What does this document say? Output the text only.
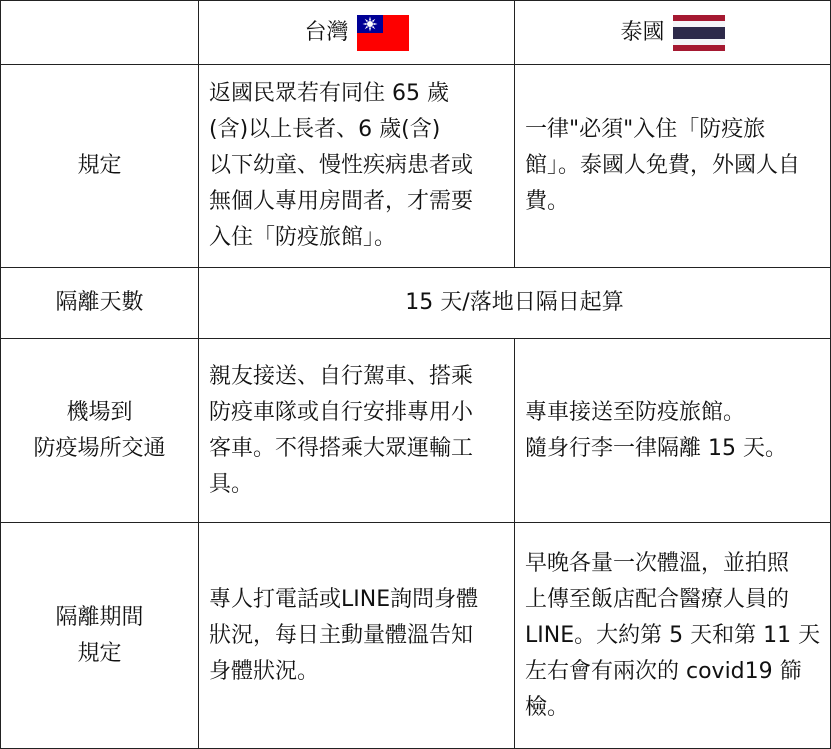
	台灣	泰國

規定	返國民眾若有同住 65 歲
(含)以上長者、6 歲(含)
以下幼童、慢性疾病患者或
無個人專用房間者，才需要
入住「防疫旅館」。	一律"必須"入住「防疫旅
館」。泰國人免費，外國人自
費。

隔離天數	15 天/落地日隔日起算	

機場到
防疫場所交通	親友接送、自行駕車、搭乘
防疫車隊或自行安排專用小
客車。不得搭乘大眾運輸工
具。	專車接送至防疫旅館。
隨身行李一律隔離 15 天。

隔離期間
規定	專人打電話或LINE詢問身體
狀況，每日主動量體溫告知
身體狀況。	早晚各量一次體溫，並拍照
上傳至飯店配合醫療人員的
LINE。大約第 5 天和第 11 天
左右會有兩次的 covid19 篩
檢。
